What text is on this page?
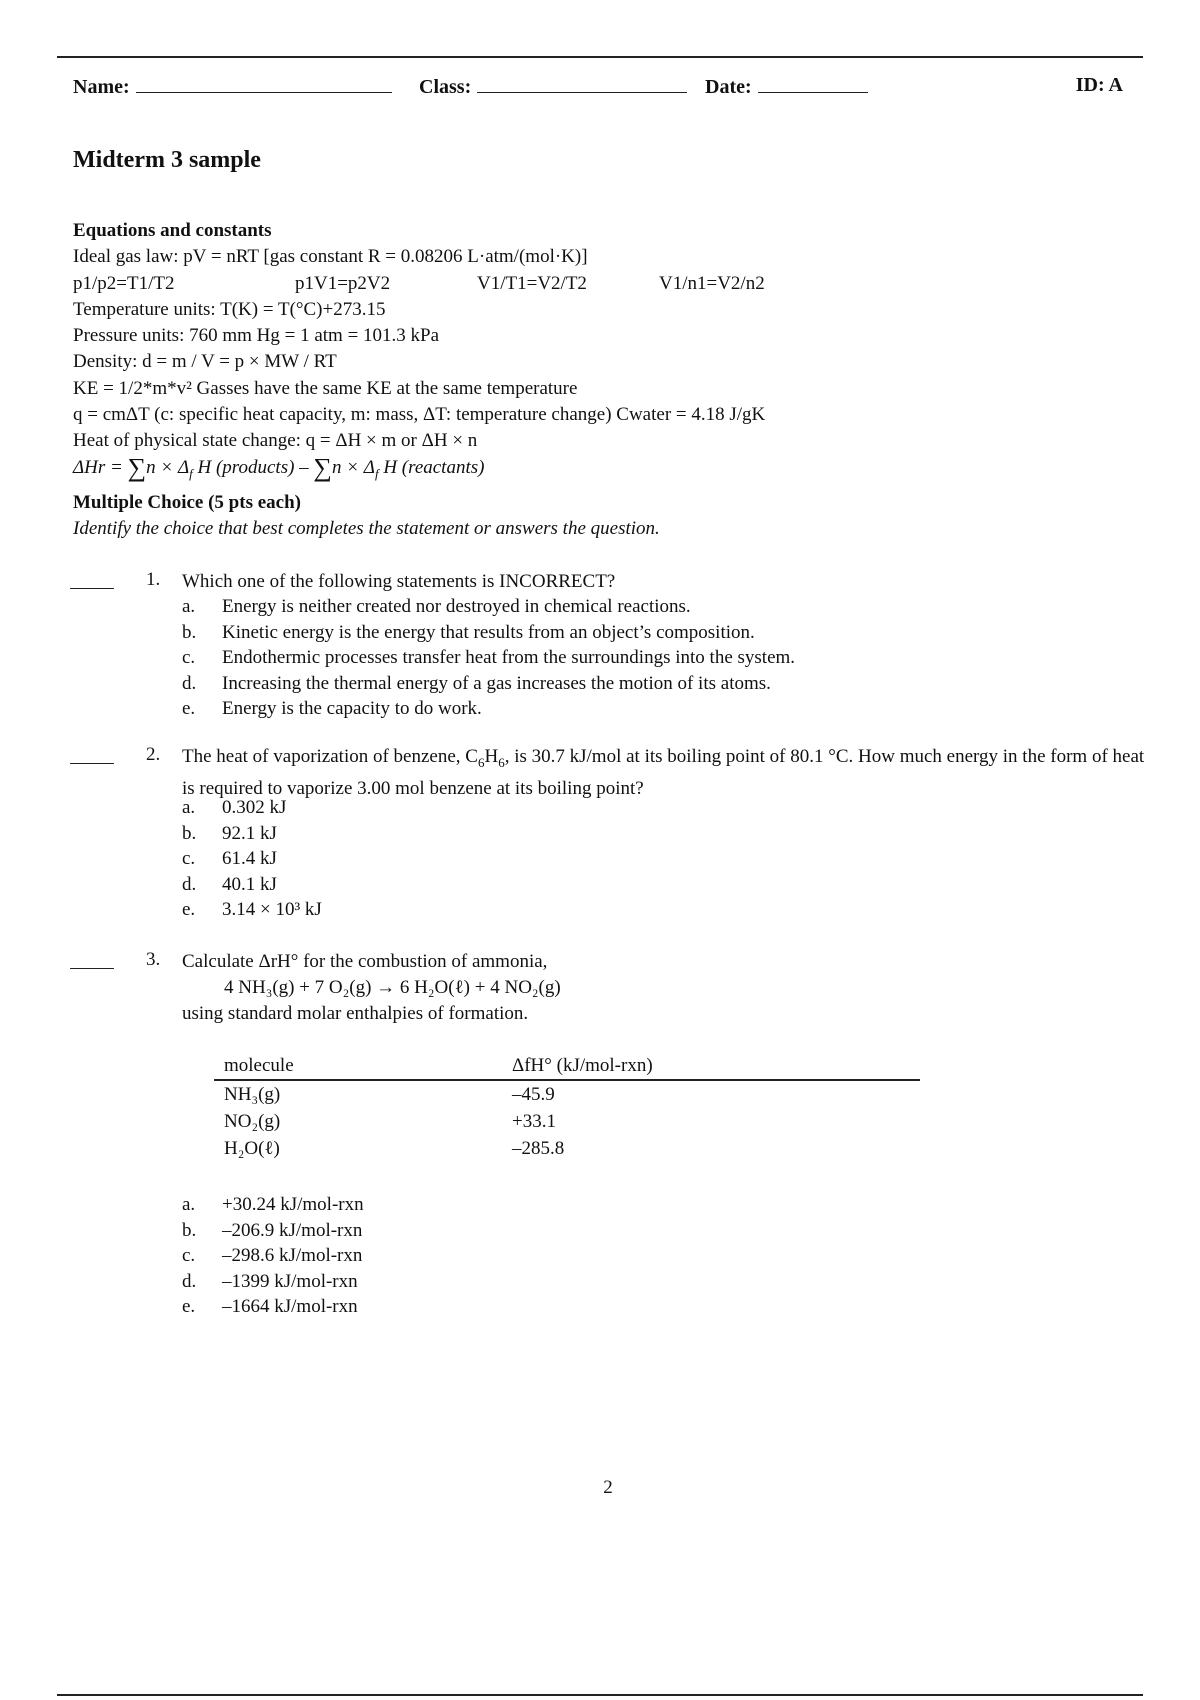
Name:	Class:	Date:	ID: A
Midterm 3 sample
Equations and constants
Ideal gas law: pV = nRT [gas constant R = 0.08206 L·atm/(mol·K)]
p1/p2=T1/T2	p1V1=p2V2	V1/T1=V2/T2	V1/n1=V2/n2
Temperature units: T(K) = T(°C)+273.15
Pressure units: 760 mm Hg = 1 atm = 101.3 kPa
Density: d = m / V = p × MW / RT
KE = 1/2*m*v² Gasses have the same KE at the same temperature
q = cmΔT (c: specific heat capacity, m: mass, ΔT: temperature change) Cwater = 4.18 J/gK
Heat of physical state change: q = ΔH × m or ΔH × n
$\Delta Hr = \sum n \times \Delta_f$ H (products) – $\sum n \times \Delta_f$ H (reactants)
Multiple Choice (5 pts each)
Identify the choice that best completes the statement or answers the question.
1. Which one of the following statements is INCORRECT?
a. Energy is neither created nor destroyed in chemical reactions.
b. Kinetic energy is the energy that results from an object’s composition.
c. Endothermic processes transfer heat from the surroundings into the system.
d. Increasing the thermal energy of a gas increases the motion of its atoms.
e. Energy is the capacity to do work.
2. The heat of vaporization of benzene, $C_6H_6$, is 30.7 kJ/mol at its boiling point of 80.1 °C. How much energy in the form of heat is required to vaporize 3.00 mol benzene at its boiling point?
a. 0.302 kJ
b. 92.1 kJ
c. 61.4 kJ
d. 40.1 kJ
e. 3.14 × 10³ kJ
3. Calculate ΔrH° for the combustion of ammonia,
4 NH₃(g) + 7 O₂(g) → 6 H₂O(ℓ) + 4 NO₂(g)
using standard molar enthalpies of formation.
molecule	ΔfH° (kJ/mol-rxn)
NH₃(g)	–45.9
NO₂(g)	+33.1
H₂O(ℓ)	–285.8
a. +30.24 kJ/mol-rxn
b. –206.9 kJ/mol-rxn
c. –298.6 kJ/mol-rxn
d. –1399 kJ/mol-rxn
e. –1664 kJ/mol-rxn
2
